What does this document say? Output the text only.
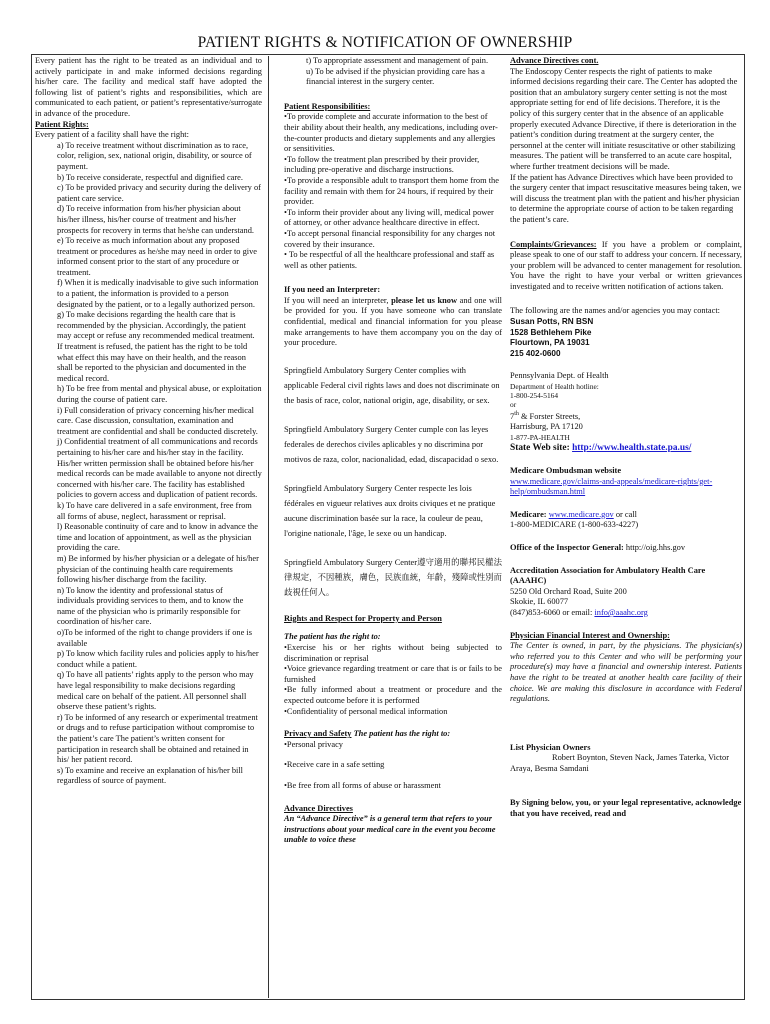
PATIENT RIGHTS & NOTIFICATION OF OWNERSHIP

Every patient has the right to be treated as an individual and to actively participate in and make informed decisions regarding his/her care. The facility and medical staff have adopted the following list of patient’s rights and responsibilities, which are communicated to each patient, or patient’s representative/surrogate in advance of the procedure.

Patient Rights:

Every patient of a facility shall have the right:

a) To receive treatment without discrimination as to race, color, religion, sex, national origin, disability, or source of payment.

b) To receive considerate, respectful and dignified care.

c) To be provided privacy and security during the delivery of patient care service.

d) To receive information from his/her physician about his/her illness, his/her course of treatment and his/her prospects for recovery in terms that he/she can understand.

e) To receive as much information about any proposed treatment or procedures as he/she may need in order to give informed consent prior to the start of any procedure or treatment.

f) When it is medically inadvisable to give such information to a patient, the information is provided to a person designated by the patient, or to a legally authorized person.

g) To make decisions regarding the health care that is recommended by the physician. Accordingly, the patient may accept or refuse any recommended medical treatment. If treatment is refused, the patient has the right to be told what effect this may have on their health, and the reason shall be reported to the physician and documented in the medical record.

h) To be free from mental and physical abuse, or exploitation during the course of patient care.

i) Full consideration of privacy concerning his/her medical care. Case discussion, consultation, examination and treatment are confidential and shall be conducted discretely.

j) Confidential treatment of all communications and records pertaining to his/her care and his/her stay in the facility. His/her written permission shall be obtained before his/her medical records can be made available to anyone not directly concerned with his/her care. The facility has established policies to govern access and duplication of patient records.

k) To have care delivered in a safe environment, free from all forms of abuse, neglect, harassment or reprisal.

l) Reasonable continuity of care and to know in advance the time and location of appointment, as well as the physician providing the care.

m) Be informed by his/her physician or a delegate of his/her physician of the continuing health care requirements following his/her discharge from the facility.

n) To know the identity and professional status of individuals providing services to them, and to know the name of the physician who is primarily responsible for coordination of his/her care.

o)To be informed of the right to change providers if one is available

p) To know which facility rules and policies apply to his/her conduct while a patient.

q) To have all patients’ rights apply to the person who may have legal responsibility to make decisions regarding medical care on behalf of the patient. All personnel shall observe these patient’s rights.

r) To be informed of any research or experimental treatment or drugs and to refuse participation without compromise to the patient’s care The patient’s written consent for participation in research shall be obtained and retained in his/ her patient record.

s) To examine and receive an explanation of his/her bill regardless of source of payment.

t) To appropriate assessment and management of pain.

u) To be advised if the physician providing care has a financial interest in the surgery center.

Patient Responsibilities:

•To provide complete and accurate information to the best of their ability about their health, any medications, including over-the-counter products and dietary supplements and any allergies or sensitivities.

•To follow the treatment plan prescribed by their provider, including pre-operative and discharge instructions.

•To provide a responsible adult to transport them home from the facility and remain with them for 24 hours, if required by their provider.

•To inform their provider about any living will, medical power of attorney, or other advance healthcare directive in effect.

•To accept personal financial responsibility for any charges not covered by their insurance.

• To be respectful of all the healthcare professional and staff as well as other patients.

If you need an Interpreter:

If you will need an interpreter, please let us know and one will be provided for you. If you have someone who can translate confidential, medical and financial information for you please make arrangements to have them accompany you on the day of your procedure.

Springfield Ambulatory Surgery Center complies with applicable Federal civil rights laws and does not discriminate on the basis of race, color, national origin, age, disability, or sex.

Springfield Ambulatory Surgery Center cumple con las leyes federales de derechos civiles aplicables y no discrimina por motivos de raza, color, nacionalidad, edad, discapacidad o sexo.

Springfield Ambulatory Surgery Center respecte les lois fédérales en vigueur relatives aux droits civiques et ne pratique aucune discrimination basée sur la race, la couleur de peau, l'origine nationale, l'âge, le sexe ou un handicap.

Springfield Ambulatory Surgery Center遵守適用的聯邦民權法律規定，不因種族，膚色，民族血統，年齡，殘障或性別而歧視任何人。

Rights and Respect for Property and Person

The patient has the right to:

•Exercise his or her rights without being subjected to discrimination or reprisal

•Voice grievance regarding treatment or care that is or fails to be furnished

•Be fully informed about a treatment or procedure and the expected outcome before it is performed

•Confidentiality of personal medical information

Privacy and Safety The patient has the right to:

•Personal privacy

•Receive care in a safe setting

•Be free from all forms of abuse or harassment

Advance Directives

An “Advance Directive” is a general term that refers to your instructions about your medical care in the event you become unable to voice these

Advance Directives cont.

The Endoscopy Center respects the right of patients to make informed decisions regarding their care. The Center has adopted the position that an ambulatory surgery center setting is not the most appropriate setting for end of life decisions. Therefore, it is the policy of this surgery center that in the absence of an applicable properly executed Advance Directive, if there is deterioration in the patient’s condition during treatment at the surgery center, the personnel at the center will initiate resuscitative or other stabilizing measures. The patient will be transferred to an acute care hospital, where further treatment decisions will be made.

If the patient has Advance Directives which have been provided to the surgery center that impact resuscitative measures being taken, we will discuss the treatment plan with the patient and his/her physician to determine the appropriate course of action to be taken regarding the patient’s care.

Complaints/Grievances: If you have a problem or complaint, please speak to one of our staff to address your concern. If necessary, your problem will be advanced to center management for resolution. You have the right to have your verbal or written grievances investigated and to receive written notification of actions taken.

The following are the names and/or agencies you may contact:

Susan Potts, RN BSN

1528 Bethlehem Pike

Flourtown, PA 19031

215 402-0600

Pennsylvania Dept. of Health

Department of Health hotline:

1-800-254-5164

or

7th & Forster Streets,

Harrisburg, PA 17120

1-877-PA-HEALTH

State Web site: http://www.health.state.pa.us/

Medicare Ombudsman website

www.medicare.gov/claims-and-appeals/medicare-rights/get-help/ombudsman.html

Medicare: www.medicare.gov or call

1-800-MEDICARE (1-800-633-4227)

Office of the Inspector General: http://oig.hhs.gov

Accreditation Association for Ambulatory Health Care (AAAHC)

5250 Old Orchard Road, Suite 200

Skokie, IL 60077

(847)853-6060 or email: info@aaahc.org

Physician Financial Interest and Ownership:

The Center is owned, in part, by the physicians. The physician(s) who referred you to this Center and who will be performing your procedure(s) may have a financial and ownership interest. Patients have the right to be treated at another health care facility of their choice. We are making this disclosure in accordance with Federal regulations.

List Physician Owners

Robert Boynton, Steven Nack, James Taterka, Victor Araya, Besma Samdani

By Signing below, you, or your legal representative, acknowledge that you have received, read and
